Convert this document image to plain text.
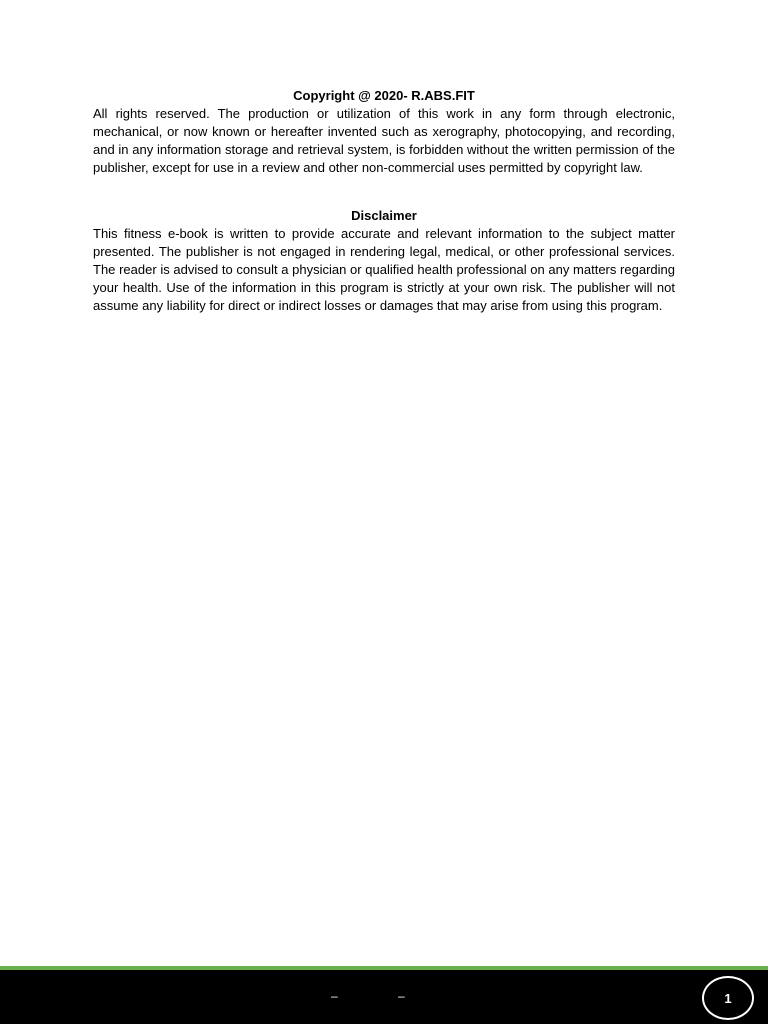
Copyright @ 2020- R.ABS.FIT

All rights reserved. The production or utilization of this work in any form through electronic, mechanical, or now known or hereafter invented such as xerography, photocopying, and recording, and in any information storage and retrieval system, is forbidden without the written permission of the publisher, except for use in a review and other non-commercial uses permitted by copyright law.

Disclaimer

This fitness e-book is written to provide accurate and relevant information to the subject matter presented. The publisher is not engaged in rendering legal, medical, or other professional services. The reader is advised to consult a physician or qualified health professional on any matters regarding your health. Use of the information in this program is strictly at your own risk. The publisher will not assume any liability for direct or indirect losses or damages that may arise from using this program.

–	–	1
